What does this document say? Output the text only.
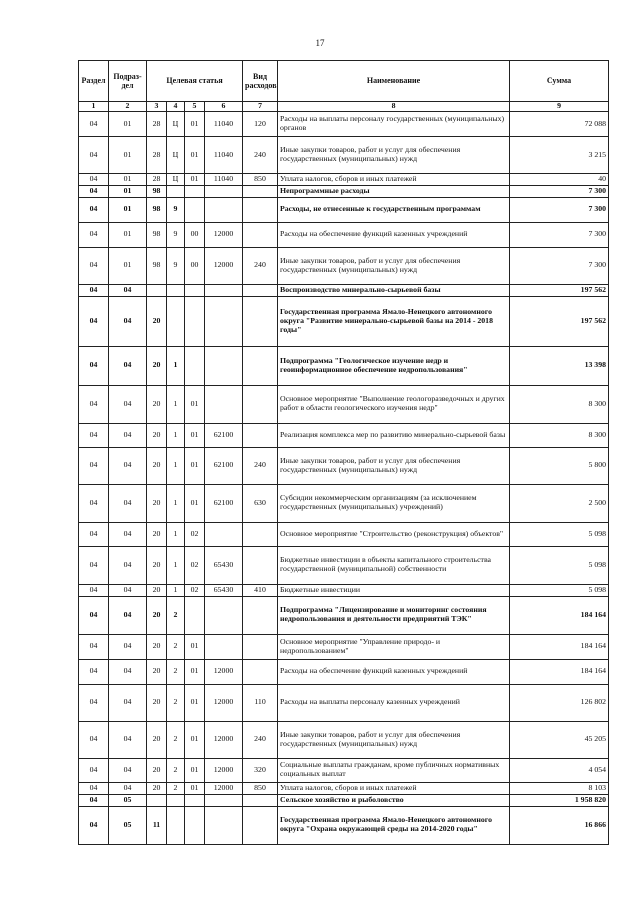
17
Раздел	Подраз-дел	Целевая статья				Вид расходов	Наименование	Сумма
1	2	3	4	5	6	7	8	9
04	01	28	Ц	01	11040	120	Расходы на выплаты персоналу государственных (муниципальных) органов	72 088
04	01	28	Ц	01	11040	240	Иные закупки товаров, работ и услуг для обеспечения государственных (муниципальных) нужд	3 215
04	01	28	Ц	01	11040	850	Уплата налогов, сборов и иных платежей	40
04	01	98					Непрограммные расходы	7 300
04	01	98	9				Расходы, не отнесенные к государственным программам	7 300
04	01	98	9	00	12000		Расходы на обеспечение функций казенных учреждений	7 300
04	01	98	9	00	12000	240	Иные закупки товаров, работ и услуг для обеспечения государственных (муниципальных) нужд	7 300
04	04						Воспроизводство минерально-сырьевой базы	197 562
04	04	20					Государственная программа Ямало-Ненецкого автономного округа "Развитие минерально-сырьевой базы на 2014 - 2018 годы"	197 562
04	04	20	1				Подпрограмма "Геологическое изучение недр и геоинформационное обеспечение недропользования"	13 398
04	04	20	1	01			Основное мероприятие "Выполнение геологоразведочных и других работ в области геологического изучения недр"	8 300
04	04	20	1	01	62100		Реализация комплекса мер по развитию минерально-сырьевой базы	8 300
04	04	20	1	01	62100	240	Иные закупки товаров, работ и услуг для обеспечения государственных (муниципальных) нужд	5 800
04	04	20	1	01	62100	630	Субсидии некоммерческим организациям (за исключением государственных (муниципальных) учреждений)	2 500
04	04	20	1	02			Основное мероприятие "Строительство (реконструкция) объектов"	5 098
04	04	20	1	02	65430		Бюджетные инвестиции в объекты капитального строительства государственной (муниципальной) собственности	5 098
04	04	20	1	02	65430	410	Бюджетные инвестиции	5 098
04	04	20	2				Подпрограмма "Лицензирование и мониторинг состояния недропользования и деятельности предприятий ТЭК"	184 164
04	04	20	2	01			Основное мероприятие "Управление природо- и недропользованием"	184 164
04	04	20	2	01	12000		Расходы на обеспечение функций казенных учреждений	184 164
04	04	20	2	01	12000	110	Расходы на выплаты персоналу казенных учреждений	126 802
04	04	20	2	01	12000	240	Иные закупки товаров, работ и услуг для обеспечения государственных (муниципальных) нужд	45 205
04	04	20	2	01	12000	320	Социальные выплаты гражданам, кроме публичных нормативных социальных выплат	4 054
04	04	20	2	01	12000	850	Уплата налогов, сборов и иных платежей	8 103
04	05						Сельское хозяйство и рыболовство	1 958 820
04	05	11					Государственная программа Ямало-Ненецкого автономного округа "Охрана окружающей среды на 2014-2020 годы"	16 866
